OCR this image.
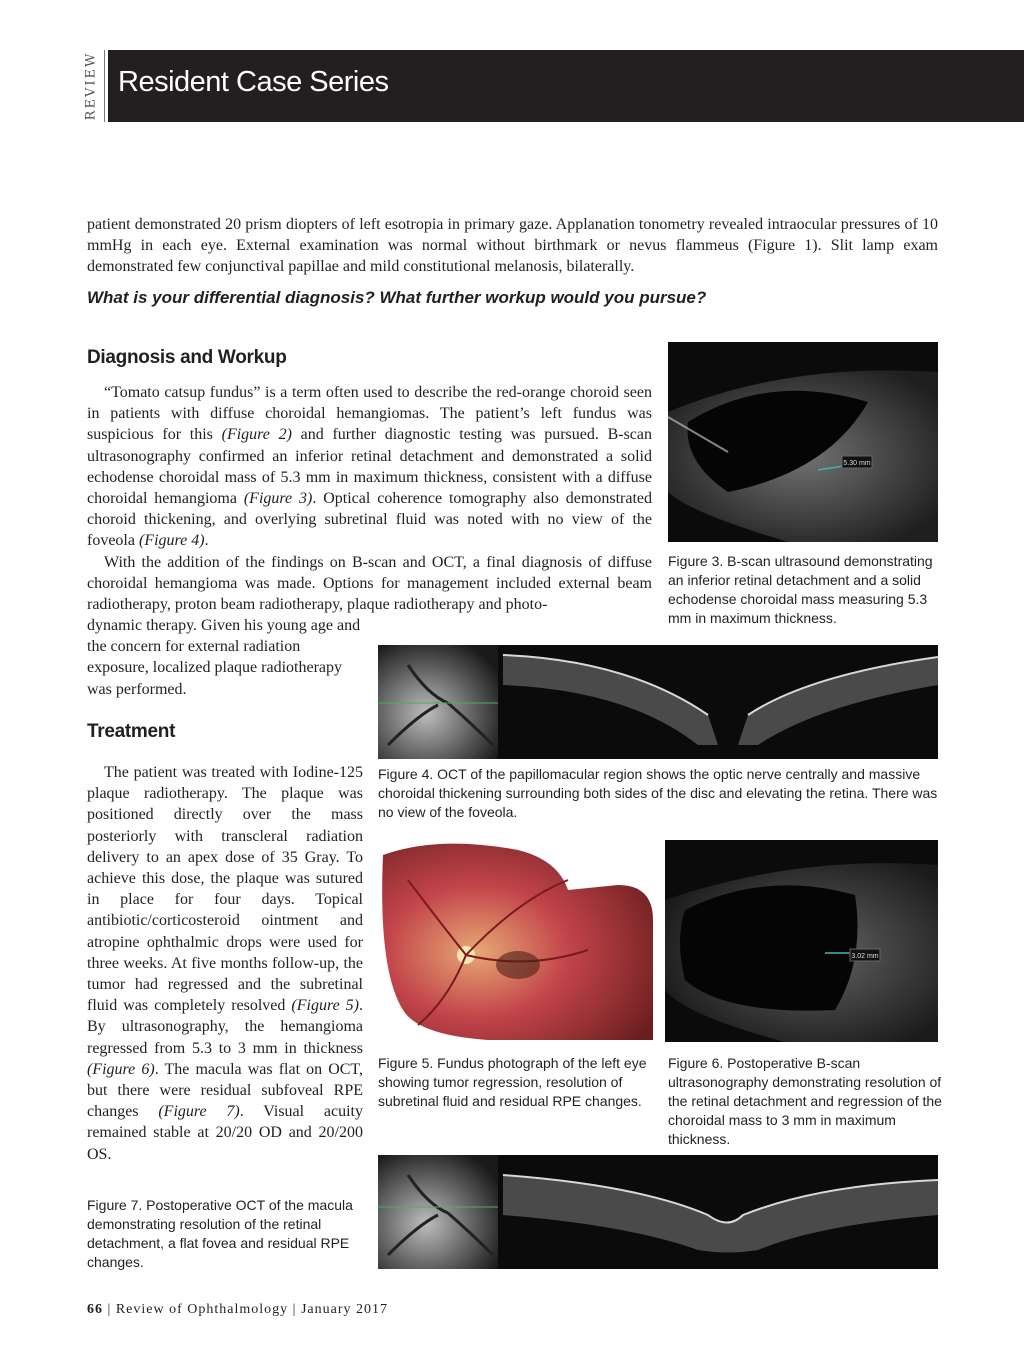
REVIEW Resident Case Series

patient demonstrated 20 prism diopters of left esotropia in primary gaze. Applanation tonometry revealed intraocular pressures of 10 mmHg in each eye. External examination was normal without birthmark or nevus flammeus (Figure 1). Slit lamp exam demonstrated few conjunctival papillae and mild constitutional melanosis, bilaterally.

What is your differential diagnosis? What further workup would you pursue?
Diagnosis and Workup

“Tomato catsup fundus” is a term often used to describe the red-orange choroid seen in patients with diffuse choroidal hemangiomas. The patient’s left fundus was suspicious for this (Figure 2) and further diagnostic testing was pursued. B-scan ultrasonography confirmed an inferior retinal detachment and demonstrated a solid echodense choroidal mass of 5.3 mm in maximum thickness, consistent with a diffuse choroidal hemangioma (Figure 3). Optical coherence tomography also demonstrated choroid thickening, and overlying subretinal fluid was noted with no view of the foveola (Figure 4).

With the addition of the findings on B-scan and OCT, a final diagnosis of diffuse choroidal hemangioma was made. Options for management included external beam radiotherapy, proton beam radiotherapy, plaque radiotherapy and photo-

dynamic therapy. Given his young age and the concern for external radiation exposure, localized plaque radiotherapy was performed.

Treatment

The patient was treated with Iodine-125 plaque radiotherapy. The plaque was positioned directly over the mass posteriorly with transcleral radiation delivery to an apex dose of 35 Gray. To achieve this dose, the plaque was sutured in place for four days. Topical antibiotic/corticosteroid ointment and atropine ophthalmic drops were used for three weeks. At five months follow-up, the tumor had regressed and the subretinal fluid was completely resolved (Figure 5). By ultrasonography, the hemangioma regressed from 5.3 to 3 mm in thickness (Figure 6). The macula was flat on OCT, but there were residual subfoveal RPE changes (Figure 7). Visual acuity remained stable at 20/20 OD and 20/200 OS.

5.30 mm

Figure 3. B-scan ultrasound demonstrating an inferior retinal detachment and a solid echodense choroidal mass measuring 5.3 mm in maximum thickness.

Figure 4. OCT of the papillomacular region shows the optic nerve centrally and massive choroidal thickening surrounding both sides of the disc and elevating the retina. There was no view of the foveola.

Figure 5. Fundus photograph of the left eye showing tumor regression, resolution of subretinal fluid and residual RPE changes.

3.02 mm

Figure 6. Postoperative B-scan ultrasonography demonstrating resolution of the retinal detachment and regression of the choroidal mass to 3 mm in maximum thickness.

Figure 7. Postoperative OCT of the macula demonstrating resolution of the retinal detachment, a flat fovea and residual RPE changes.

66 | Review of Ophthalmology | January 2017
